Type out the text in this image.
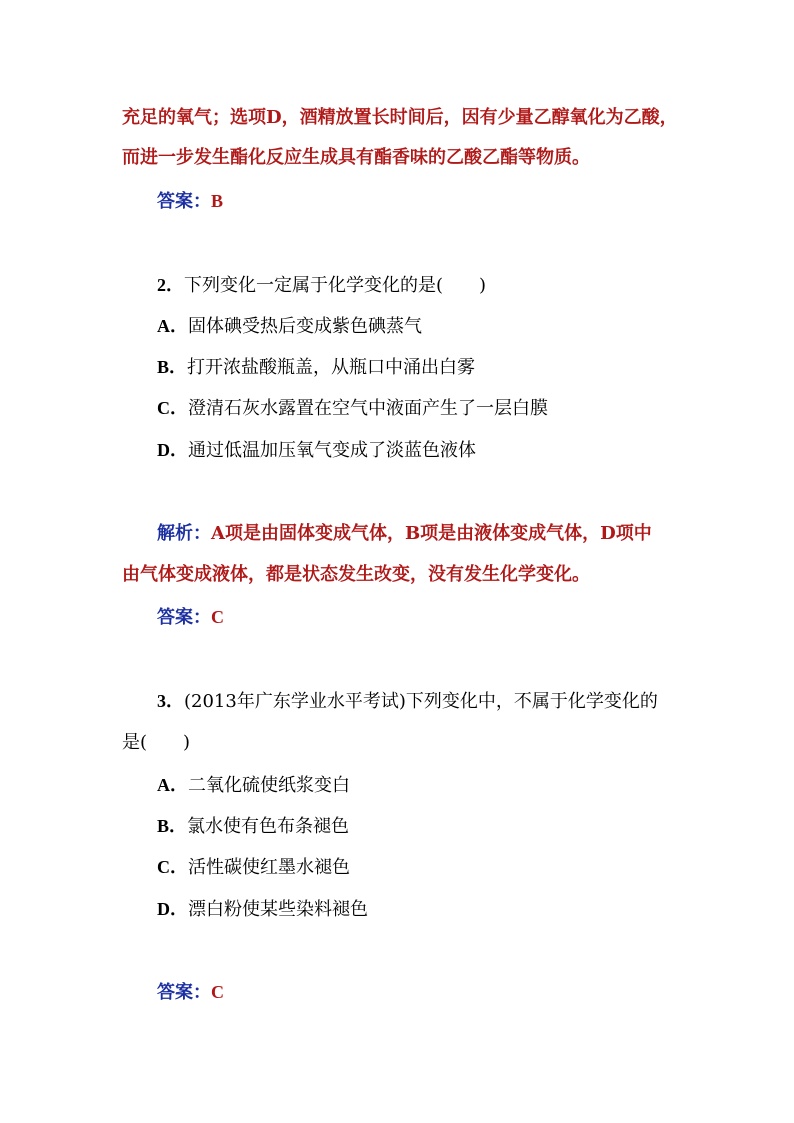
充足的氧气；选项D，酒精放置长时间后，因有少量乙醇氧化为乙酸，
而进一步发生酯化反应生成具有酯香味的乙酸乙酯等物质。
答案：B
2．下列变化一定属于化学变化的是(　　)
A．固体碘受热后变成紫色碘蒸气
B．打开浓盐酸瓶盖，从瓶口中涌出白雾
C．澄清石灰水露置在空气中液面产生了一层白膜
D．通过低温加压氧气变成了淡蓝色液体
解析：A项是由固体变成气体，B项是由液体变成气体，D项中
由气体变成液体，都是状态发生改变，没有发生化学变化。
答案：C
3．(2013年广东学业水平考试)下列变化中，不属于化学变化的
是(　　)
A．二氧化硫使纸浆变白
B．氯水使有色布条褪色
C．活性碳使红墨水褪色
D．漂白粉使某些染料褪色
答案：C
